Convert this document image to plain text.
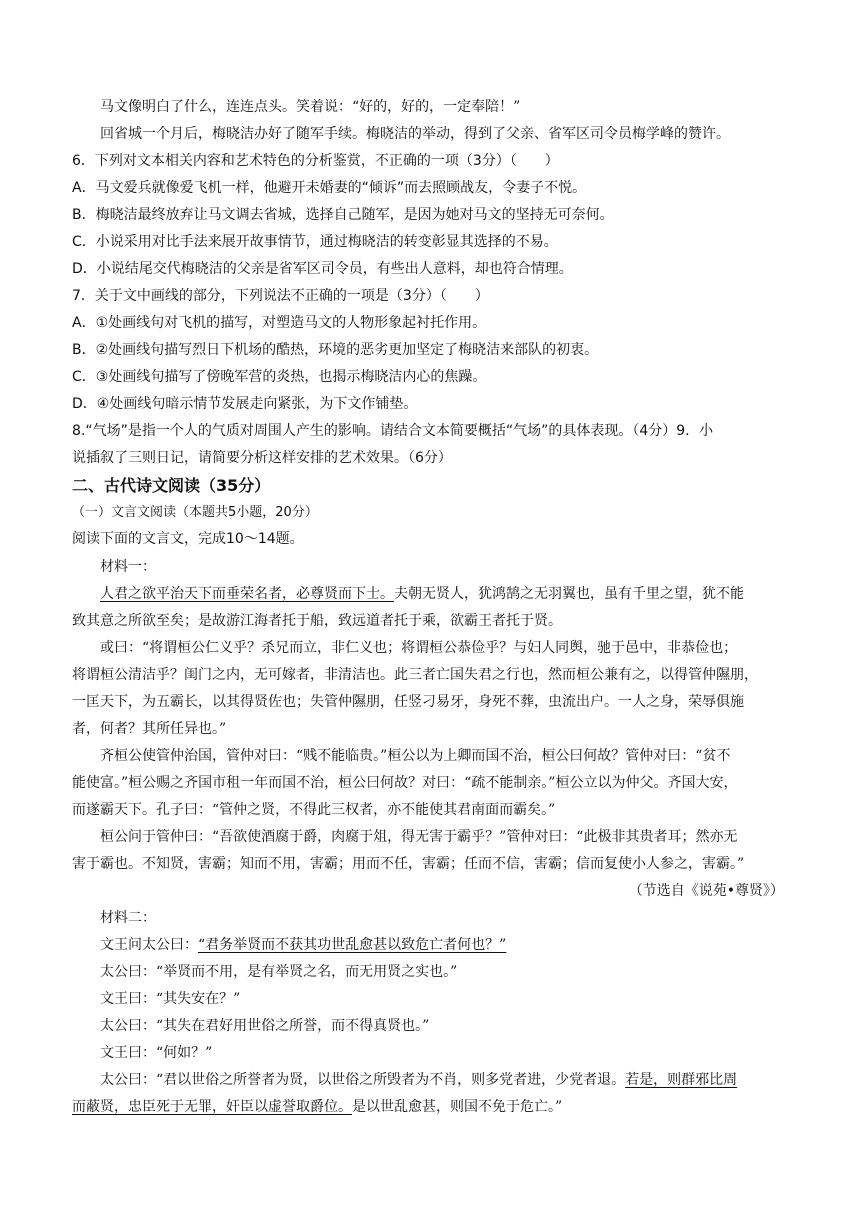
马文像明白了什么，连连点头。笑着说：“好的，好的，一定奉陪！”
回省城一个月后，梅晓洁办好了随军手续。梅晓洁的举动，得到了父亲、省军区司令员梅学峰的赞许。
6．下列对文本相关内容和艺术特色的分析鉴赏，不正确的一项（3分）（　　）
A．马文爱兵就像爱飞机一样，他避开未婚妻的“倾诉”而去照顾战友，令妻子不悦。
B．梅晓洁最终放弃让马文调去省城，选择自己随军，是因为她对马文的坚持无可奈何。
C．小说采用对比手法来展开故事情节，通过梅晓洁的转变彰显其选择的不易。
D．小说结尾交代梅晓洁的父亲是省军区司令员，有些出人意料，却也符合情理。
7．关于文中画线的部分，下列说法不正确的一项是（3分）（　　）
A．①处画线句对飞机的描写，对塑造马文的人物形象起衬托作用。
B．②处画线句描写烈日下机场的酷热，环境的恶劣更加坚定了梅晓洁来部队的初衷。
C．③处画线句描写了傍晚军营的炎热，也揭示梅晓洁内心的焦躁。
D．④处画线句暗示情节发展走向紧张，为下文作铺垫。
8.“气场”是指一个人的气质对周围人产生的影响。请结合文本简要概括“气场”的具体表现。（4分）9．小
说插叙了三则日记，请简要分析这样安排的艺术效果。（6分）
二、古代诗文阅读（35分）
（一）文言文阅读（本题共5小题，20分）
阅读下面的文言文，完成10～14题。
材料一：
人君之欲平治天下而垂荣名者，必尊贤而下士。夫朝无贤人，犹鸿鹄之无羽翼也，虽有千里之望，犹不能
致其意之所欲至矣；是故游江海者托于船，致远道者托于乘，欲霸王者托于贤。
或曰：“将谓桓公仁义乎？杀兄而立，非仁义也；将谓桓公恭俭乎？与妇人同舆，驰于邑中，非恭俭也；
将谓桓公清洁乎？闺门之内，无可嫁者，非清洁也。此三者亡国失君之行也，然而桓公兼有之，以得管仲隰朋，
一匡天下，为五霸长，以其得贤佐也；失管仲隰朋，任竖刁易牙，身死不葬，虫流出户。一人之身，荣辱俱施
者，何者？其所任异也。”
齐桓公使管仲治国，管仲对曰：“贱不能临贵。”桓公以为上卿而国不治，桓公曰何故？管仲对曰：“贫不
能使富。”桓公赐之齐国市租一年而国不治，桓公曰何故？对曰：“疏不能制亲。”桓公立以为仲父。齐国大安，
而遂霸天下。孔子曰：“管仲之贤，不得此三权者，亦不能使其君南面而霸矣。”
桓公问于管仲曰：“吾欲使酒腐于爵，肉腐于俎，得无害于霸乎？”管仲对曰：“此极非其贵者耳；然亦无
害于霸也。不知贤，害霸；知而不用，害霸；用而不任，害霸；任而不信，害霸；信而复使小人参之，害霸。”
（节选自《说苑•尊贤》）
材料二：
文王问太公曰：“君务举贤而不获其功世乱愈甚以致危亡者何也？”
太公曰：“举贤而不用，是有举贤之名，而无用贤之实也。”
文王曰：“其失安在？”
太公曰：“其失在君好用世俗之所誉，而不得真贤也。”
文王曰：“何如？”
太公曰：“君以世俗之所誉者为贤，以世俗之所毁者为不肖，则多党者进，少党者退。若是，则群邪比周
而蔽贤，忠臣死于无罪，奸臣以虚誉取爵位。是以世乱愈甚，则国不免于危亡。”
